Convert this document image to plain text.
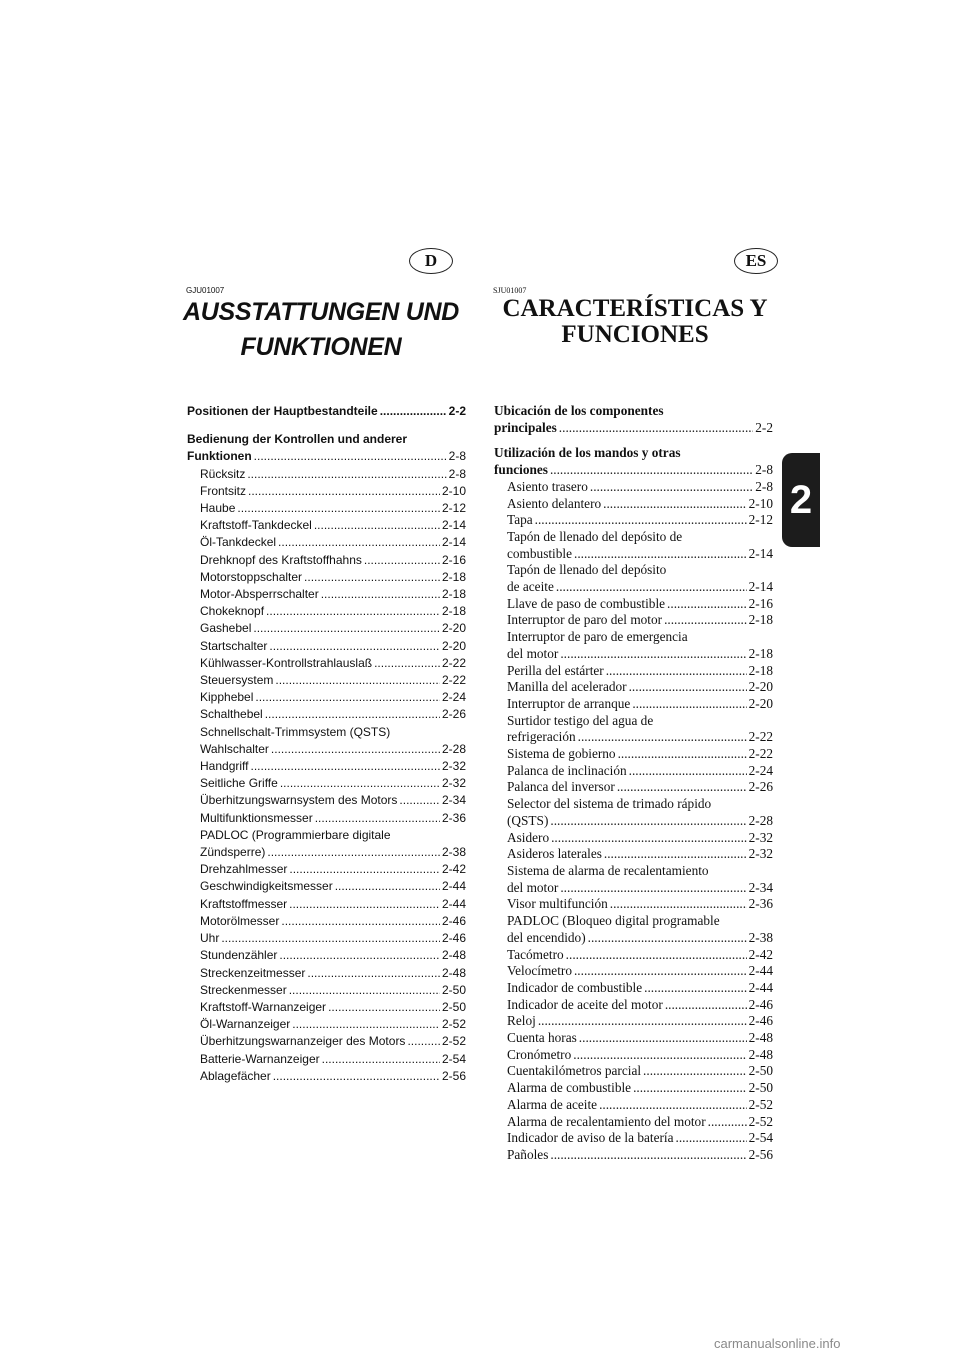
D	ES
GJU01007	SJU01007
AUSSTATTUNGEN UND
FUNKTIONEN
CARACTERÍSTICAS Y
FUNCIONES
2
Positionen der Hauptbestandteile .....	2-2
Bedienung der Kontrollen und anderer
Funktionen .....	2-8
Rücksitz .....	2-8
Frontsitz .....	2-10
Haube .....	2-12
Kraftstoff-Tankdeckel .....	2-14
Öl-Tankdeckel .....	2-14
Drehknopf des Kraftstoffhahns .....	2-16
Motorstoppschalter .....	2-18
Motor-Absperrschalter .....	2-18
Chokeknopf .....	2-18
Gashebel .....	2-20
Startschalter .....	2-20
Kühlwasser-Kontrollstrahlauslaß .....	2-22
Steuersystem .....	2-22
Kipphebel .....	2-24
Schalthebel .....	2-26
Schnellschalt-Trimmsystem (QSTS)
Wahlschalter .....	2-28
Handgriff .....	2-32
Seitliche Griffe .....	2-32
Überhitzungswarnsystem des Motors .....	2-34
Multifunktionsmesser .....	2-36
PADLOC (Programmierbare digitale
Zündsperre) .....	2-38
Drehzahlmesser .....	2-42
Geschwindigkeitsmesser .....	2-44
Kraftstoffmesser .....	2-44
Motorölmesser .....	2-46
Uhr .....	2-46
Stundenzähler .....	2-48
Streckenzeitmesser .....	2-48
Streckenmesser .....	2-50
Kraftstoff-Warnanzeiger .....	2-50
Öl-Warnanzeiger .....	2-52
Überhitzungswarnanzeiger des Motors .....	2-52
Batterie-Warnanzeiger .....	2-54
Ablagefächer .....	2-56
Ubicación de los componentes
principales .....	2-2
Utilización de los mandos y otras
funciones .....	2-8
Asiento trasero .....	2-8
Asiento delantero .....	2-10
Tapa .....	2-12
Tapón de llenado del depósito de
combustible .....	2-14
Tapón de llenado del depósito
de aceite .....	2-14
Llave de paso de combustible .....	2-16
Interruptor de paro del motor .....	2-18
Interruptor de paro de emergencia
del motor .....	2-18
Perilla del estárter .....	2-18
Manilla del acelerador .....	2-20
Interruptor de arranque .....	2-20
Surtidor testigo del agua de
refrigeración .....	2-22
Sistema de gobierno .....	2-22
Palanca de inclinación .....	2-24
Palanca del inversor .....	2-26
Selector del sistema de trimado rápido
(QSTS) .....	2-28
Asidero .....	2-32
Asideros laterales .....	2-32
Sistema de alarma de recalentamiento
del motor .....	2-34
Visor multifunción .....	2-36
PADLOC (Bloqueo digital programable
del encendido) .....	2-38
Tacómetro .....	2-42
Velocímetro .....	2-44
Indicador de combustible .....	2-44
Indicador de aceite del motor .....	2-46
Reloj .....	2-46
Cuenta horas .....	2-48
Cronómetro .....	2-48
Cuentakilómetros parcial .....	2-50
Alarma de combustible .....	2-50
Alarma de aceite .....	2-52
Alarma de recalentamiento del motor .....	2-52
Indicador de aviso de la batería .....	2-54
Pañoles .....	2-56
carmanualsonline.info
